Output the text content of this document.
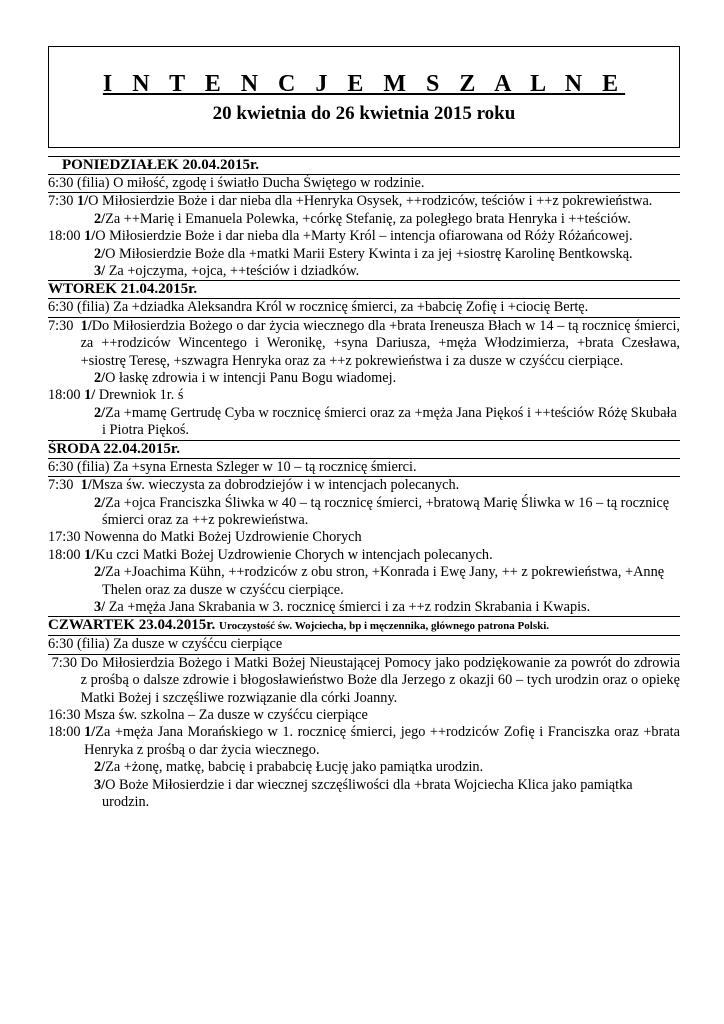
I N T E N C J E M S Z A L N E
20 kwietnia do 26 kwietnia 2015 roku
PONIEDZIAŁEK 20.04.2015r.
6:30 (filia) O miłość, zgodę i światło Ducha Świętego w rodzinie.
7:30 1/O Miłosierdzie Boże i dar nieba dla +Henryka Osysek, ++rodziców, teściów i ++z pokrewieństwa.
2/Za ++Marię i Emanuela Polewka, +córkę Stefanię, za poległego brata Henryka i ++teściów.
18:00 1/O Miłosierdzie Boże i dar nieba dla +Marty Król – intencja ofiarowana od Róży Różańcowej.
2/O Miłosierdzie Boże dla +matki Marii Estery Kwinta i za jej +siostrę Karolinę Bentkowską.
3/ Za +ojczyma, +ojca, ++teściów i dziadków.
WTOREK 21.04.2015r.
6:30 (filia) Za +dziadka Aleksandra Król w rocznicę śmierci, za +babcię Zofię i +ciocię Bertę.
7:30 1/Do Miłosierdzia Bożego o dar życia wiecznego dla +brata Ireneusza Błach w 14 – tą rocznicę śmierci, za ++rodziców Wincentego i Weronikę, +syna Dariusza, +męża Włodzimierza, +brata Czesława, +siostrę Teresę, +szwagra Henryka oraz za ++z pokrewieństwa i za dusze w czyśćcu cierpiące.
2/O łaskę zdrowia i w intencji Panu Bogu wiadomej.
18:00 1/ Drewniok 1r. ś
2/Za +mamę Gertrudę Cyba w rocznicę śmierci oraz za +męża Jana Piękoś i ++teściów Różę Skubała i Piotra Piękoś.
ŚRODA 22.04.2015r.
6:30 (filia) Za +syna Ernesta Szleger w 10 – tą rocznicę śmierci.
7:30 1/Msza św. wieczysta za dobrodziejów i w intencjach polecanych.
2/Za +ojca Franciszka Śliwka w 40 – tą rocznicę śmierci, +bratową Marię Śliwka w 16 – tą rocznicę śmierci oraz za ++z pokrewieństwa.
17:30 Nowenna do Matki Bożej Uzdrowienie Chorych
18:00 1/Ku czci Matki Bożej Uzdrowienie Chorych w intencjach polecanych.
2/Za +Joachima Kühn, ++rodziców z obu stron, +Konrada i Ewę Jany, ++ z pokrewieństwa, +Annę Thelen oraz za dusze w czyśćcu cierpiące.
3/ Za +męża Jana Skrabania w 3. rocznicę śmierci i za ++z rodzin Skrabania i Kwapis.
CZWARTEK 23.04.2015r. Uroczystość św. Wojciecha, bp i męczennika, głównego patrona Polski.
6:30 (filia) Za dusze w czyśćcu cierpiące
7:30 Do Miłosierdzia Bożego i Matki Bożej Nieustającej Pomocy jako podziękowanie za powrót do zdrowia z prośbą o dalsze zdrowie i błogosławieństwo Boże dla Jerzego z okazji 60 – tych urodzin oraz o opiekę Matki Bożej i szczęśliwe rozwiązanie dla córki Joanny.
16:30 Msza św. szkolna – Za dusze w czyśćcu cierpiące
18:00 1/Za +męża Jana Morańskiego w 1. rocznicę śmierci, jego ++rodziców Zofię i Franciszka oraz +brata Henryka z prośbą o dar życia wiecznego.
2/Za +żonę, matkę, babcię i prababcię Łucję jako pamiątka urodzin.
3/O Boże Miłosierdzie i dar wiecznej szczęśliwości dla +brata Wojciecha Klica jako pamiątka urodzin.
